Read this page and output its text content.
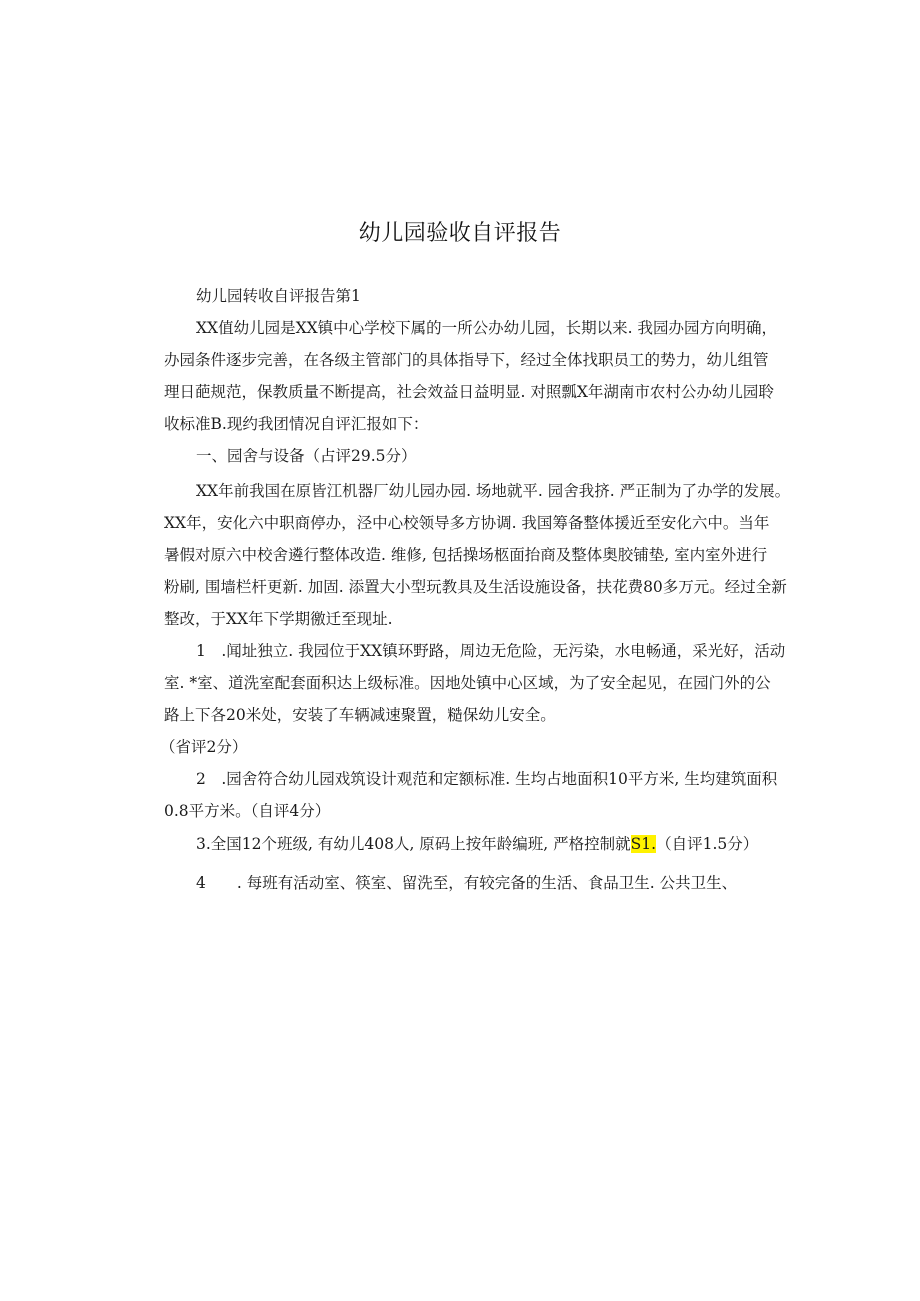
幼儿园验收自评报告
幼儿园转收自评报告第1
XX值幼儿园是XX镇中心学校下属的一所公办幼儿园，长期以来. 我园办园方向明确，
办园条件逐步完善，在各级主管部门的具体指导下，经过全体找职员工的势力，幼儿组管
理日葩规范，保教质量不断提高，社会效益日益明显. 对照瓢X年湖南市农村公办幼儿园聆
收标准B.现约我团情况自评汇报如下：
一、园舍与设备（占评29.5分）
XX年前我国在原皆江机器厂幼儿园办园. 场地就平. 园舍我挤. 严正制为了办学的发展。
XX年，安化六中职商停办，泾中心校领导多方协调. 我国筹备整体援近至安化六中。当年
暑假对原六中校舍遴行整体改造. 维修, 包括操场柩面抬商及整体奥胶铺垫, 室内室外进行
粉刷, 围墙栏杆更新. 加固. 添置大小型玩教具及生活设施设备，扶花费80多万元。经过全新
整改，于XX年下学期徼迁至现址.
1　.闻址独立. 我园位于XX镇环野路，周边无危险，无污染，水电畅通，采光好，活动
室. *室、道洗室配套面积达上级标准。因地处镇中心区域，为了安全起见，在园门外的公
路上下各20米处，安装了车辆减速聚置，糙保幼儿安全。
（省评2分）
2　.园舍符合幼儿园戏筑设计观范和定额标准. 生均占地面积10平方米, 生均建筑面积
0.8平方米。（自评4分）
3.全国12个班级, 有幼儿408人, 原码上按年龄编班, 严格控制就S1.（自评1.5分）
4　　. 每班有活动室、筷室、留洗至，有较完备的生活、食品卫生. 公共卫生、
